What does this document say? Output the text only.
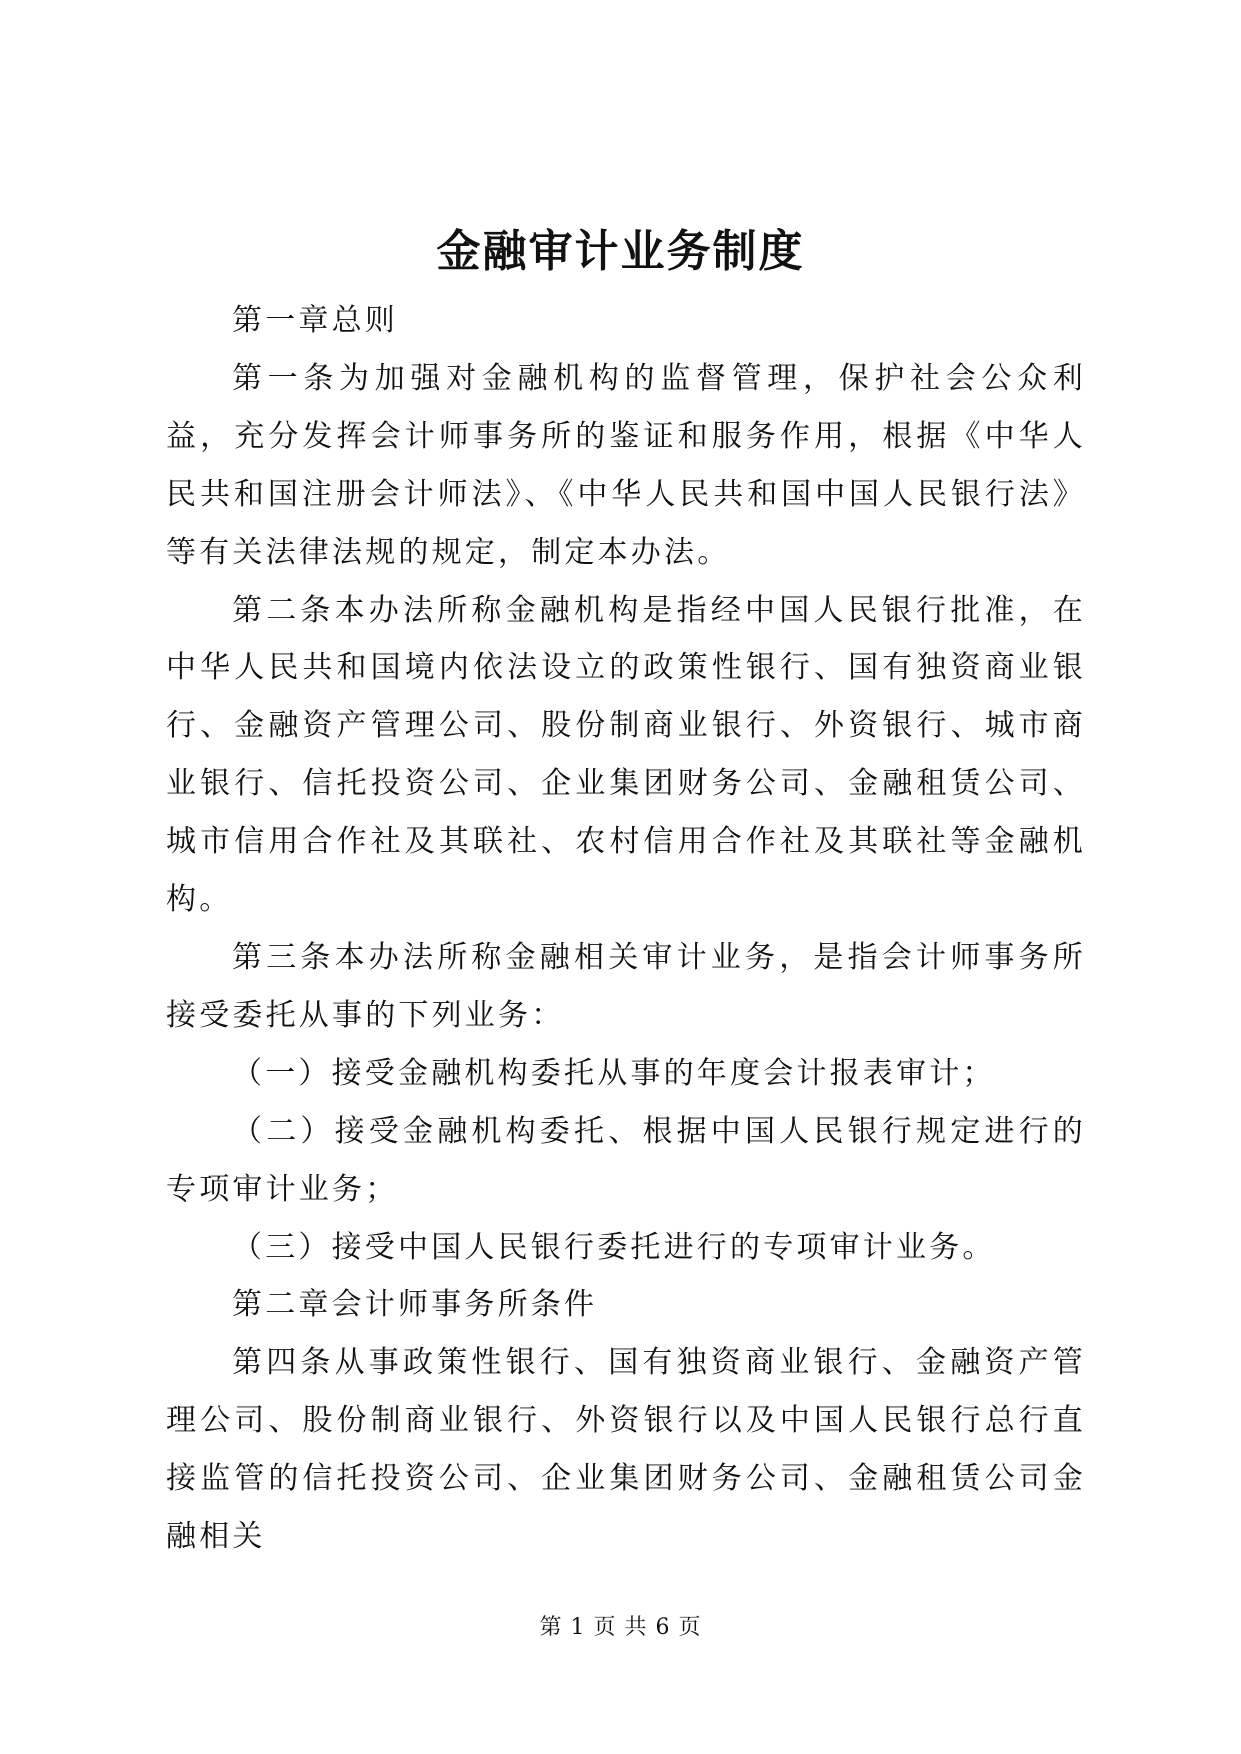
金融审计业务制度

第一章总则

第一条为加强对金融机构的监督管理，保护社会公众利益，充分发挥会计师事务所的鉴证和服务作用，根据《中华人民共和国注册会计师法》、《中华人民共和国中国人民银行法》等有关法律法规的规定，制定本办法。

第二条本办法所称金融机构是指经中国人民银行批准，在中华人民共和国境内依法设立的政策性银行、国有独资商业银行、金融资产管理公司、股份制商业银行、外资银行、城市商业银行、信托投资公司、企业集团财务公司、金融租赁公司、城市信用合作社及其联社、农村信用合作社及其联社等金融机构。

第三条本办法所称金融相关审计业务，是指会计师事务所接受委托从事的下列业务：

（一）接受金融机构委托从事的年度会计报表审计；

（二）接受金融机构委托、根据中国人民银行规定进行的专项审计业务；

（三）接受中国人民银行委托进行的专项审计业务。

第二章会计师事务所条件

第四条从事政策性银行、国有独资商业银行、金融资产管理公司、股份制商业银行、外资银行以及中国人民银行总行直接监管的信托投资公司、企业集团财务公司、金融租赁公司金融相关

第 1 页 共 6 页
